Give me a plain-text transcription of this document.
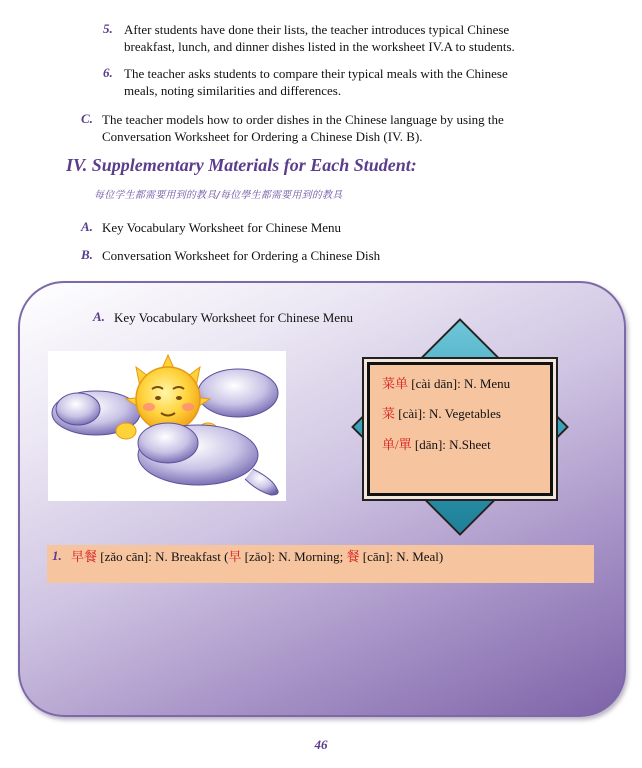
5. After students have done their lists, the teacher introduces typical Chinese
breakfast, lunch, and dinner dishes listed in the worksheet IV.A to students.
6. The teacher asks students to compare their typical meals with the Chinese
meals, noting similarities and differences.
C. The teacher models how to order dishes in the Chinese language by using the
Conversation Worksheet for Ordering a Chinese Dish (IV. B).
IV. Supplementary Materials for Each Student:
每位学生都需要用到的教具/每位學生都需要用到的教具
A. Key Vocabulary Worksheet for Chinese Menu
B. Conversation Worksheet for Ordering a Chinese Dish
A. Key Vocabulary Worksheet for Chinese Menu
菜单 [cài dān]: N. Menu
菜 [cài]: N. Vegetables
单/單 [dān]: N.Sheet
1. 早餐 [zǎo cān]: N. Breakfast (早 [zǎo]: N. Morning; 餐 [cān]: N. Meal)
46
